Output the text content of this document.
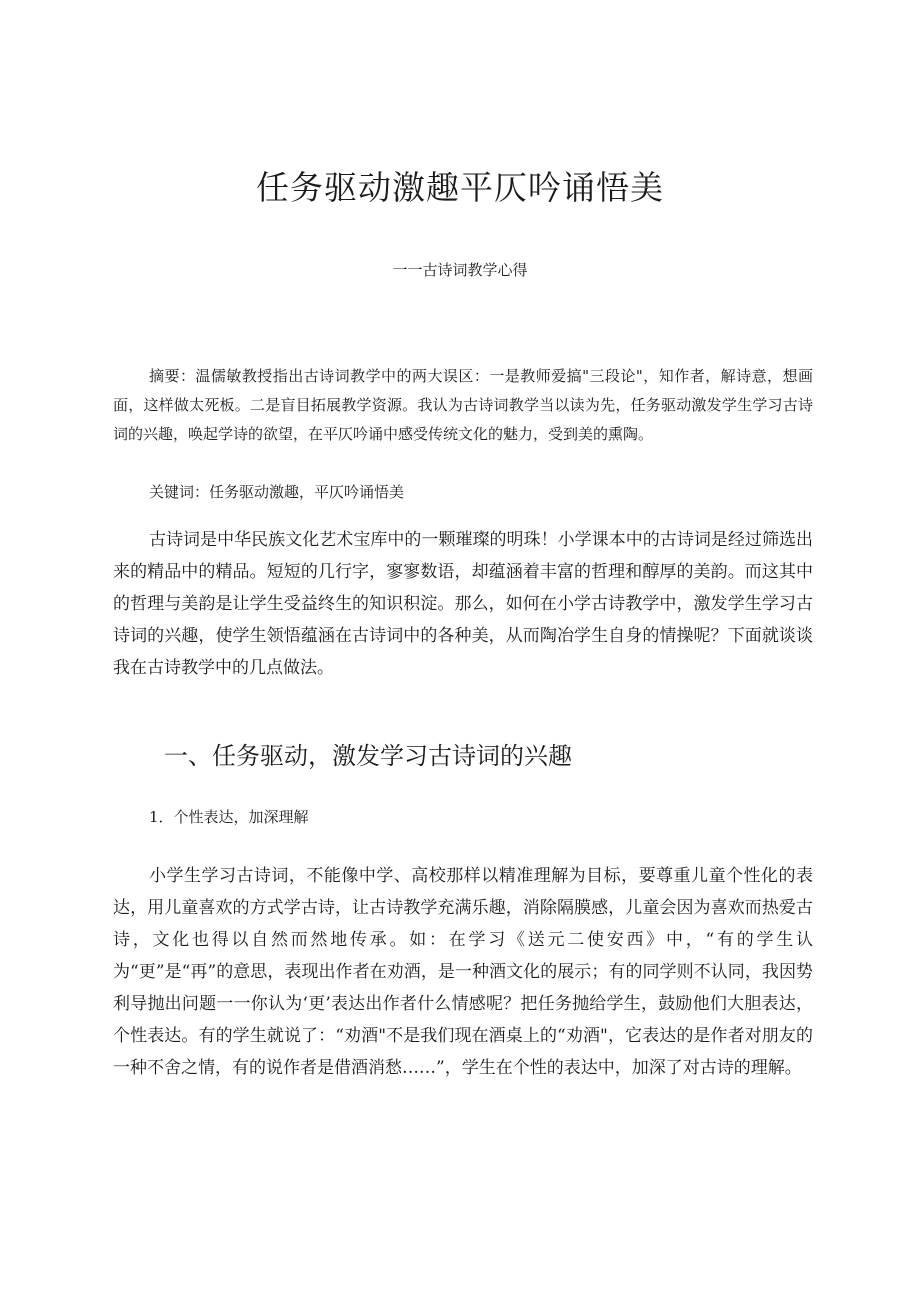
任务驱动激趣平仄吟诵悟美

一一古诗词教学心得

摘要：温儒敏教授指出古诗词教学中的两大误区：一是教师爱搞"三段论"，知作者，解诗意，想画面，这样做太死板。二是盲目拓展教学资源。我认为古诗词教学当以读为先，任务驱动激发学生学习古诗词的兴趣，唤起学诗的欲望，在平仄吟诵中感受传统文化的魅力，受到美的熏陶。

关键词：任务驱动激趣，平仄吟诵悟美

古诗词是中华民族文化艺术宝库中的一颗璀璨的明珠！小学课本中的古诗词是经过筛选出来的精品中的精品。短短的几行字，寥寥数语，却蕴涵着丰富的哲理和醇厚的美韵。而这其中的哲理与美韵是让学生受益终生的知识积淀。那么，如何在小学古诗教学中，激发学生学习古诗词的兴趣，使学生领悟蕴涵在古诗词中的各种美，从而陶冶学生自身的情操呢？下面就谈谈我在古诗教学中的几点做法。

一、任务驱动，激发学习古诗词的兴趣

1．个性表达，加深理解

小学生学习古诗词，不能像中学、高校那样以精准理解为目标，要尊重儿童个性化的表达，用儿童喜欢的方式学古诗，让古诗教学充满乐趣，消除隔膜感，儿童会因为喜欢而热爱古诗，文化也得以自然而然地传承。如：在学习《送元二使安西》中，“有的学生认为“更”是“再”的意思，表现出作者在劝酒，是一种酒文化的展示；有的同学则不认同，我因势利导抛出问题一一你认为‘更’表达出作者什么情感呢？把任务抛给学生，鼓励他们大胆表达，个性表达。有的学生就说了：“劝酒"不是我们现在酒桌上的“劝酒"，它表达的是作者对朋友的一种不舍之情，有的说作者是借酒消愁……”，学生在个性的表达中，加深了对古诗的理解。
